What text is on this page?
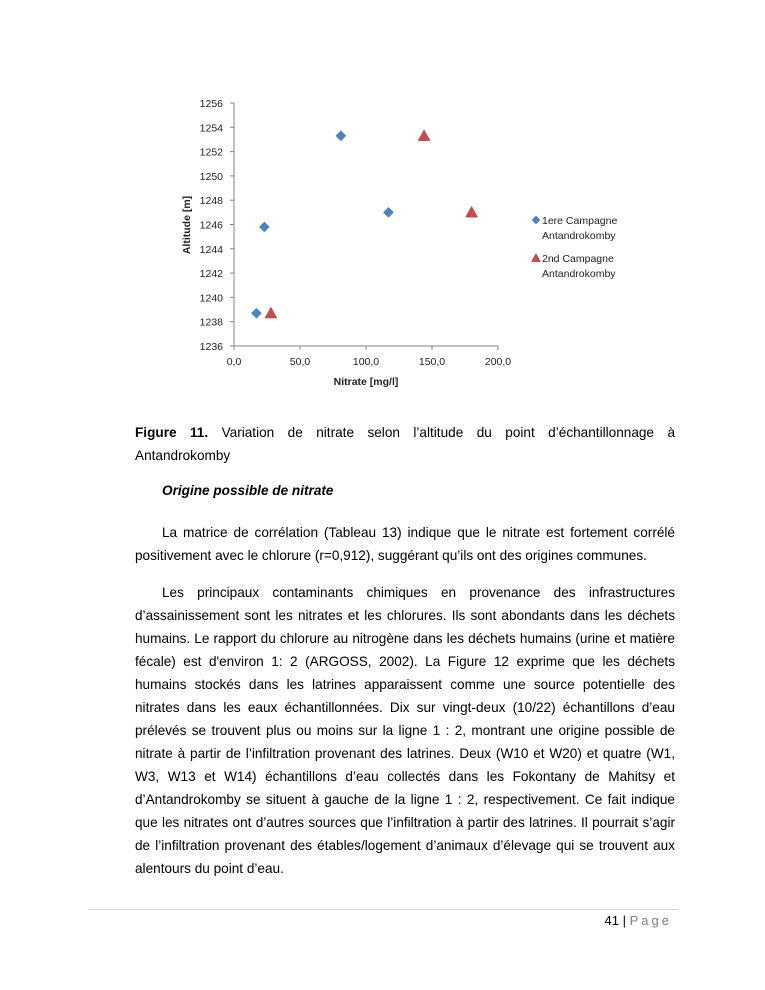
1236
1238
1240
1242
1244
1246
1248
1250
1252
1254
1256
0,0	50,0	100,0	150,0	200,0
Nitrate [mg/l]
Altitude [m]	1ere Campagne
Antandrokomby
2nd Campagne
Antandrokomby
Figure 11. Variation de nitrate selon l’altitude du point d’échantillonnage à Antandrokomby
Origine possible de nitrate
La matrice de corrélation (Tableau 13) indique que le nitrate est fortement corrélé positivement avec le chlorure (r=0,912), suggérant qu’ils ont des origines communes.
Les principaux contaminants chimiques en provenance des infrastructures d’assainissement sont les nitrates et les chlorures. Ils sont abondants dans les déchets humains. Le rapport du chlorure au nitrogène dans les déchets humains (urine et matière fécale) est d'environ 1: 2 (ARGOSS, 2002). La Figure 12 exprime que les déchets humains stockés dans les latrines apparaissent comme une source potentielle des nitrates dans les eaux échantillonnées. Dix sur vingt-deux (10/22) échantillons d’eau prélevés se trouvent plus ou moins sur la ligne 1 : 2, montrant une origine possible de nitrate à partir de l’infiltration provenant des latrines. Deux (W10 et W20) et quatre (W1, W3, W13 et W14) échantillons d’eau collectés dans les Fokontany de Mahitsy et d’Antandrokomby se situent à gauche de la ligne 1 : 2, respectivement. Ce fait indique que les nitrates ont d’autres sources que l’infiltration à partir des latrines. Il pourrait s’agir de l’infiltration provenant des étables/logement d’animaux d’élevage qui se trouvent aux alentours du point d’eau.
41 | Page
